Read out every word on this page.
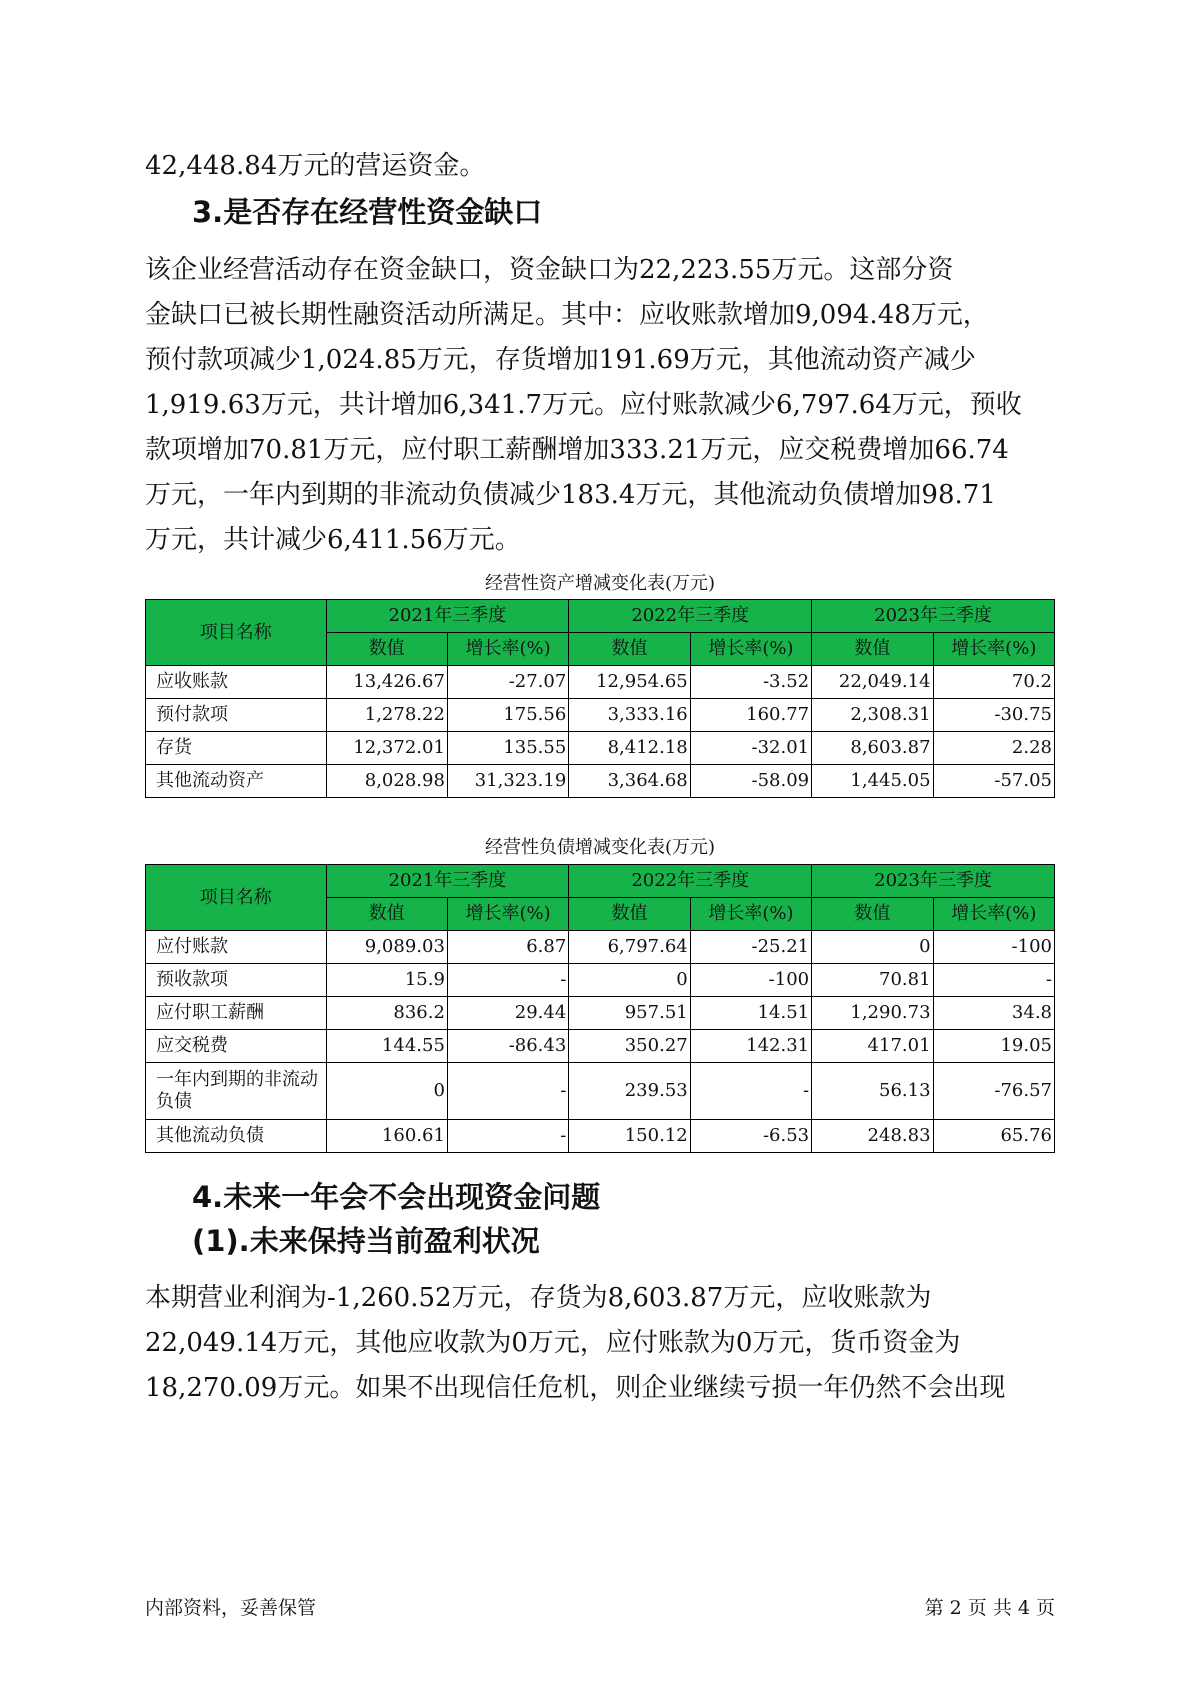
42,448.84万元的营运资金。
3.是否存在经营性资金缺口
该企业经营活动存在资金缺口，资金缺口为22,223.55万元。这部分资
金缺口已被长期性融资活动所满足。其中：应收账款增加9,094.48万元，
预付款项减少1,024.85万元，存货增加191.69万元，其他流动资产减少
1,919.63万元，共计增加6,341.7万元。应付账款减少6,797.64万元，预收
款项增加70.81万元，应付职工薪酬增加333.21万元，应交税费增加66.74
万元，一年内到期的非流动负债减少183.4万元，其他流动负债增加98.71
万元，共计减少6,411.56万元。
经营性资产增减变化表(万元)
项目名称	2021年三季度		2022年三季度		2023年三季度	
	数值	增长率(%)	数值	增长率(%)	数值	增长率(%)
应收账款	13,426.67	-27.07	12,954.65	-3.52	22,049.14	70.2
预付款项	1,278.22	175.56	3,333.16	160.77	2,308.31	-30.75
存货	12,372.01	135.55	8,412.18	-32.01	8,603.87	2.28
其他流动资产	8,028.98	31,323.19	3,364.68	-58.09	1,445.05	-57.05
经营性负债增减变化表(万元)
项目名称	2021年三季度		2022年三季度		2023年三季度	
	数值	增长率(%)	数值	增长率(%)	数值	增长率(%)
应付账款	9,089.03	6.87	6,797.64	-25.21	0	-100
预收款项	15.9	-	0	-100	70.81	-
应付职工薪酬	836.2	29.44	957.51	14.51	1,290.73	34.8
应交税费	144.55	-86.43	350.27	142.31	417.01	19.05
一年内到期的非流动负债	0	-	239.53	-	56.13	-76.57
其他流动负债	160.61	-	150.12	-6.53	248.83	65.76
4.未来一年会不会出现资金问题
(1).未来保持当前盈利状况
本期营业利润为-1,260.52万元，存货为8,603.87万元，应收账款为
22,049.14万元，其他应收款为0万元，应付账款为0万元，货币资金为
18,270.09万元。如果不出现信任危机，则企业继续亏损一年仍然不会出现
内部资料，妥善保管	第 2 页 共 4 页
